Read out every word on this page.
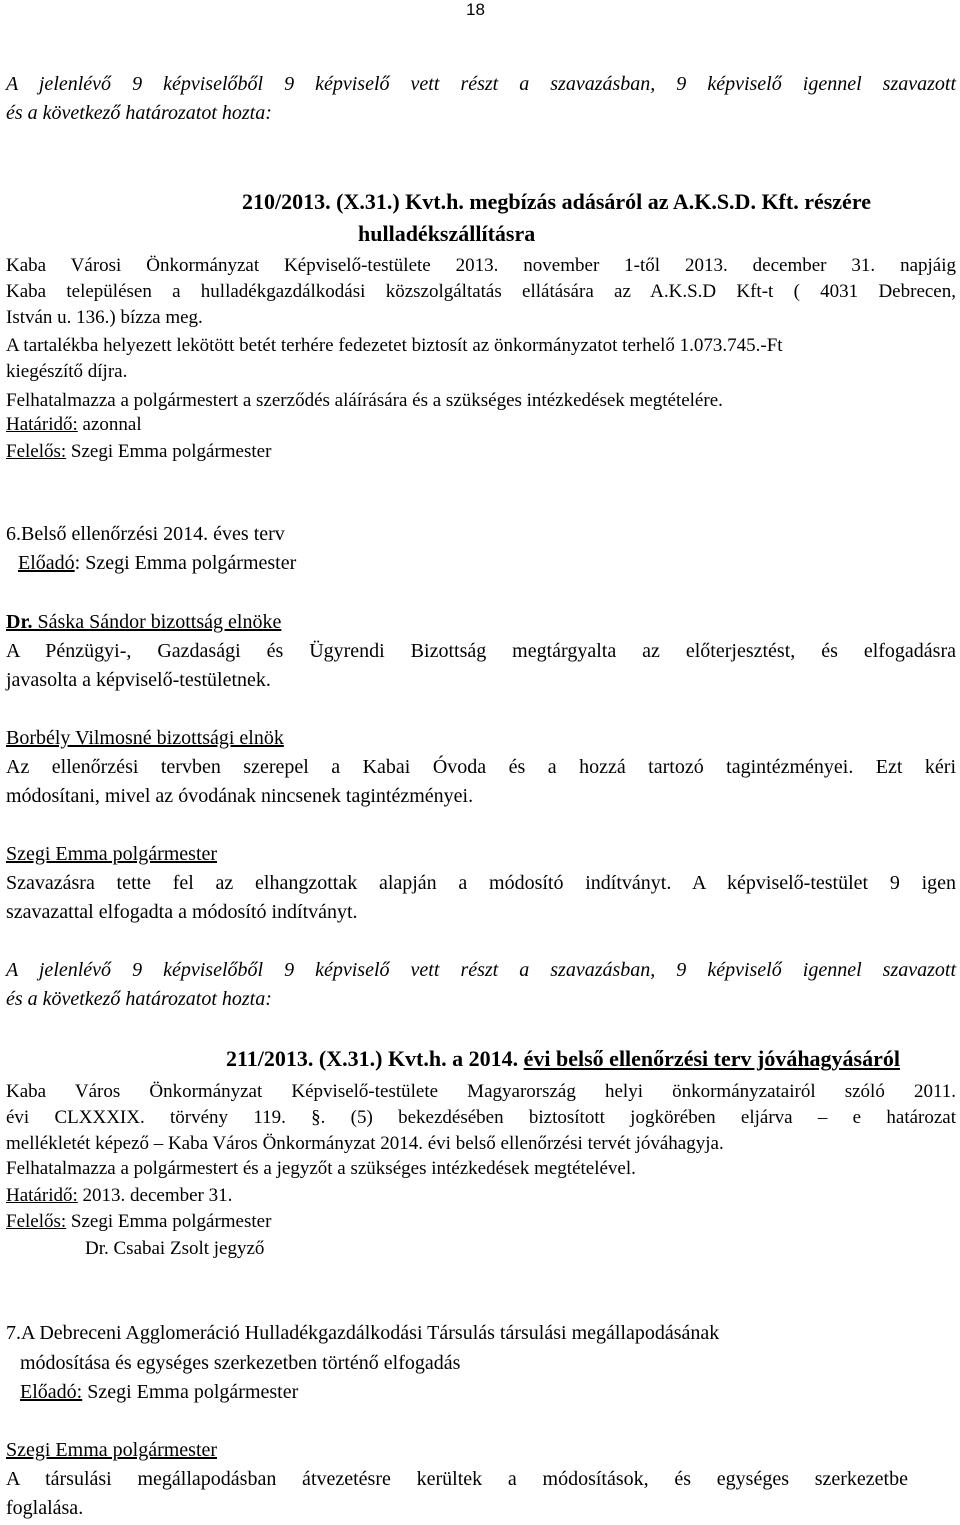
18
A jelenlévő 9 képviselőből 9 képviselő vett részt a szavazásban, 9 képviselő igennel szavazott
és a következő határozatot hozta:
210/2013. (X.31.) Kvt.h. megbízás adásáról az A.K.S.D. Kft. részére
hulladékszállításra
Kaba Városi Önkormányzat Képviselő-testülete 2013. november 1-től 2013. december 31. napjáig
Kaba településen a hulladékgazdálkodási közszolgáltatás ellátására az A.K.S.D Kft-t ( 4031 Debrecen,
István u. 136.) bízza meg.
A tartalékba helyezett lekötött betét terhére fedezetet biztosít az önkormányzatot terhelő 1.073.745.-Ft
kiegészítő díjra.
Felhatalmazza a polgármestert a szerződés aláírására és a szükséges intézkedések megtételére.
Határidő: azonnal
Felelős: Szegi Emma polgármester
6.Belső ellenőrzési 2014. éves terv
Előadó: Szegi Emma polgármester
Dr. Sáska Sándor bizottság elnöke
A Pénzügyi-, Gazdasági és Ügyrendi Bizottság megtárgyalta az előterjesztést, és elfogadásra
javasolta a képviselő-testületnek.
Borbély Vilmosné bizottsági elnök
Az ellenőrzési tervben szerepel a Kabai Óvoda és a hozzá tartozó tagintézményei. Ezt kéri
módosítani, mivel az óvodának nincsenek tagintézményei.
Szegi Emma polgármester
Szavazásra tette fel az elhangzottak alapján a módosító indítványt. A képviselő-testület 9 igen
szavazattal elfogadta a módosító indítványt.
A jelenlévő 9 képviselőből 9 képviselő vett részt a szavazásban, 9 képviselő igennel szavazott
és a következő határozatot hozta:
211/2013. (X.31.) Kvt.h. a 2014. évi belső ellenőrzési terv jóváhagyásáról
Kaba Város Önkormányzat Képviselő-testülete Magyarország helyi önkormányzatairól szóló 2011.
évi CLXXXIX. törvény 119. §. (5) bekezdésében biztosított jogkörében eljárva – e határozat
mellékletét képező – Kaba Város Önkormányzat 2014. évi belső ellenőrzési tervét jóváhagyja.
Felhatalmazza a polgármestert és a jegyzőt a szükséges intézkedések megtételével.
Határidő: 2013. december 31.
Felelős: Szegi Emma polgármester
Dr. Csabai Zsolt jegyző
7.A Debreceni Agglomeráció Hulladékgazdálkodási Társulás társulási megállapodásának
módosítása és egységes szerkezetben történő elfogadás
Előadó: Szegi Emma polgármester
Szegi Emma polgármester
A társulási megállapodásban átvezetésre kerültek a módosítások, és egységes szerkezetbe
foglalása.
